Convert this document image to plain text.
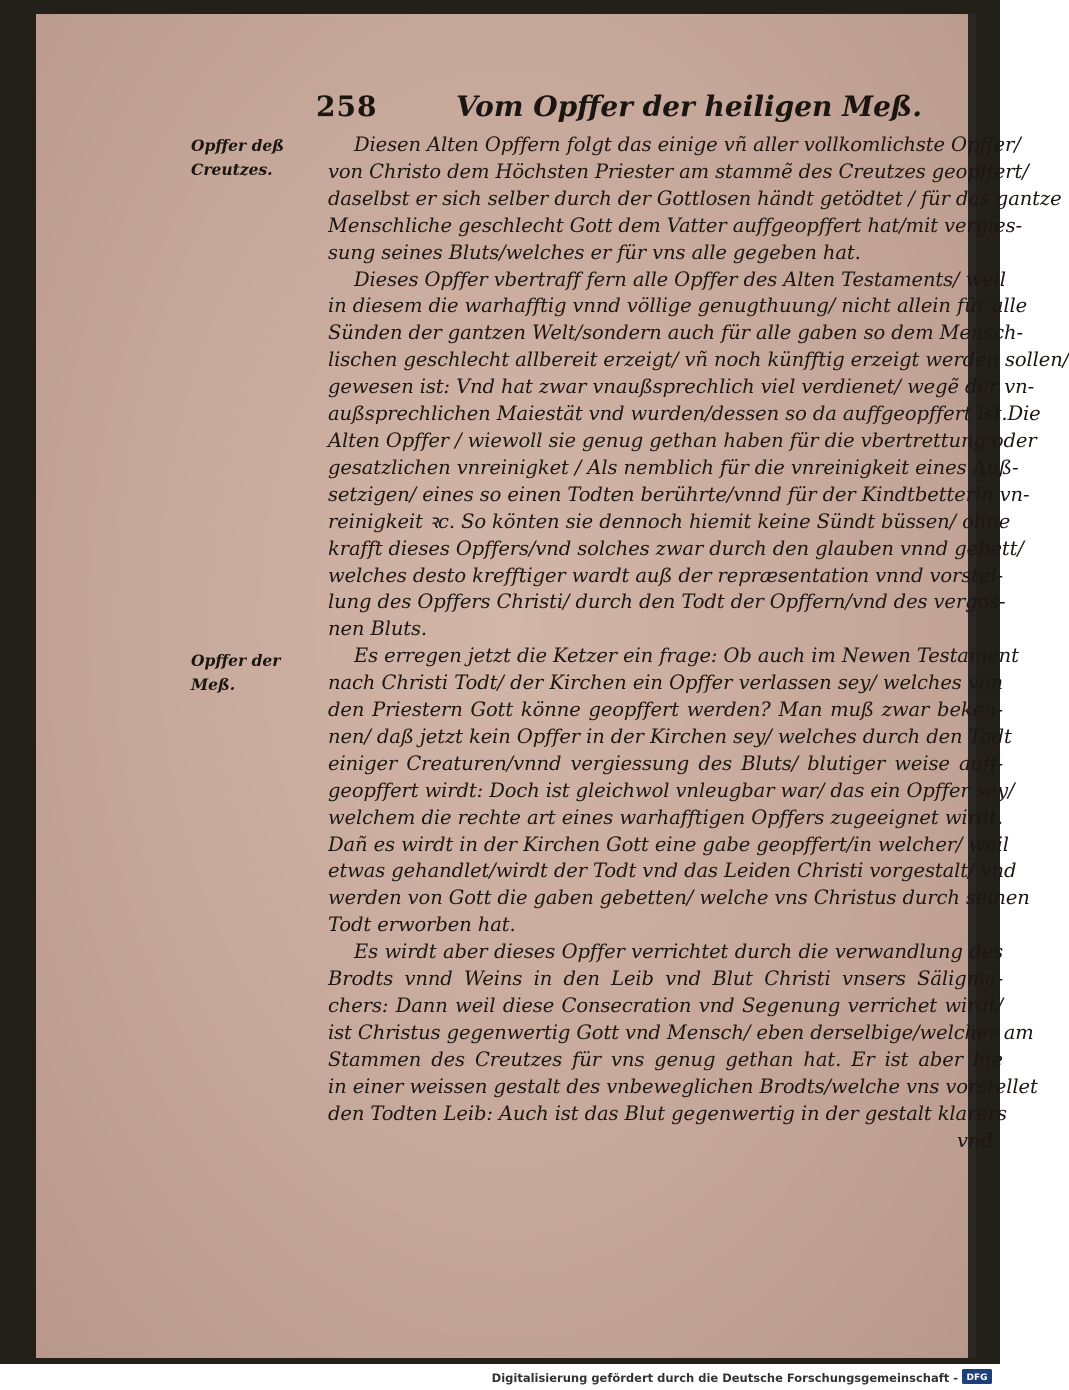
258	Vom Opffer der heiligen Meß.
Opffer deß
Creutzes.
Opffer der
Meß.
Diesen Alten Opffern folgt das einige vñ aller vollkomlichste Opffer/
von Christo dem Höchsten Priester am stammẽ des Creutzes geopffert/
daselbst er sich selber durch der Gottlosen händt getödtet / für das gantze
Menschliche geschlecht Gott dem Vatter auffgeopffert hat/mit vergies-
sung seines Bluts/welches er für vns alle gegeben hat.
Dieses Opffer vbertraff fern alle Opffer des Alten Testaments/ weil
in diesem die warhafftig vnnd völlige genugthuung/ nicht allein für alle
Sünden der gantzen Welt/sondern auch für alle gaben so dem Mensch-
lischen geschlecht allbereit erzeigt/ vñ noch künfftig erzeigt werden sollen/
gewesen ist: Vnd hat zwar vnaußsprechlich viel verdienet/ wegẽ der vn-
außsprechlichen Maiestät vnd wurden/dessen so da auffgeopffert ist.Die
Alten Opffer / wiewoll sie genug gethan haben für die vbertrettung oder
gesatzlichen vnreinigket / Als nemblich für die vnreinigkeit eines Auß-
setzigen/ eines so einen Todten berührte/vnnd für der Kindtbetterin vn-
reinigkeit ꝛc. So könten sie dennoch hiemit keine Sündt büssen/ ohne
krafft dieses Opffers/vnd solches zwar durch den glauben vnnd gebett/
welches desto krefftiger wardt auß der repræsentation vnnd vorstel-
lung des Opffers Christi/ durch den Todt der Opffern/vnd des vergos-
nen Bluts.
Es erregen jetzt die Ketzer ein frage: Ob auch im Newen Testament
nach Christi Todt/ der Kirchen ein Opffer verlassen sey/ welches von
den Priestern Gott könne geopffert werden? Man muß zwar beken-
nen/ daß jetzt kein Opffer in der Kirchen sey/ welches durch den Todt
einiger Creaturen/vnnd vergiessung des Bluts/ blutiger weise auff-
geopffert wirdt: Doch ist gleichwol vnleugbar war/ das ein Opffer sey/
welchem die rechte art eines warhafftigen Opffers zugeeignet wirdt.
Dañ es wirdt in der Kirchen Gott eine gabe geopffert/in welcher/ weil
etwas gehandlet/wirdt der Todt vnd das Leiden Christi vorgestalt/ vnd
werden von Gott die gaben gebetten/ welche vns Christus durch seinen
Todt erworben hat.
Es wirdt aber dieses Opffer verrichtet durch die verwandlung des
Brodts vnnd Weins in den Leib vnd Blut Christi vnsers Säligma-
chers: Dann weil diese Consecration vnd Segenung verrichet wirdt/
ist Christus gegenwertig Gott vnd Mensch/ eben derselbige/welcher am
Stammen des Creutzes für vns genug gethan hat. Er ist aber hie
in einer weissen gestalt des vnbeweglichen Brodts/welche vns vorstellet
den Todten Leib: Auch ist das Blut gegenwertig in der gestalt klarers
vnd
Digitalisierung gefördert durch die Deutsche Forschungsgemeinschaft - DFG
